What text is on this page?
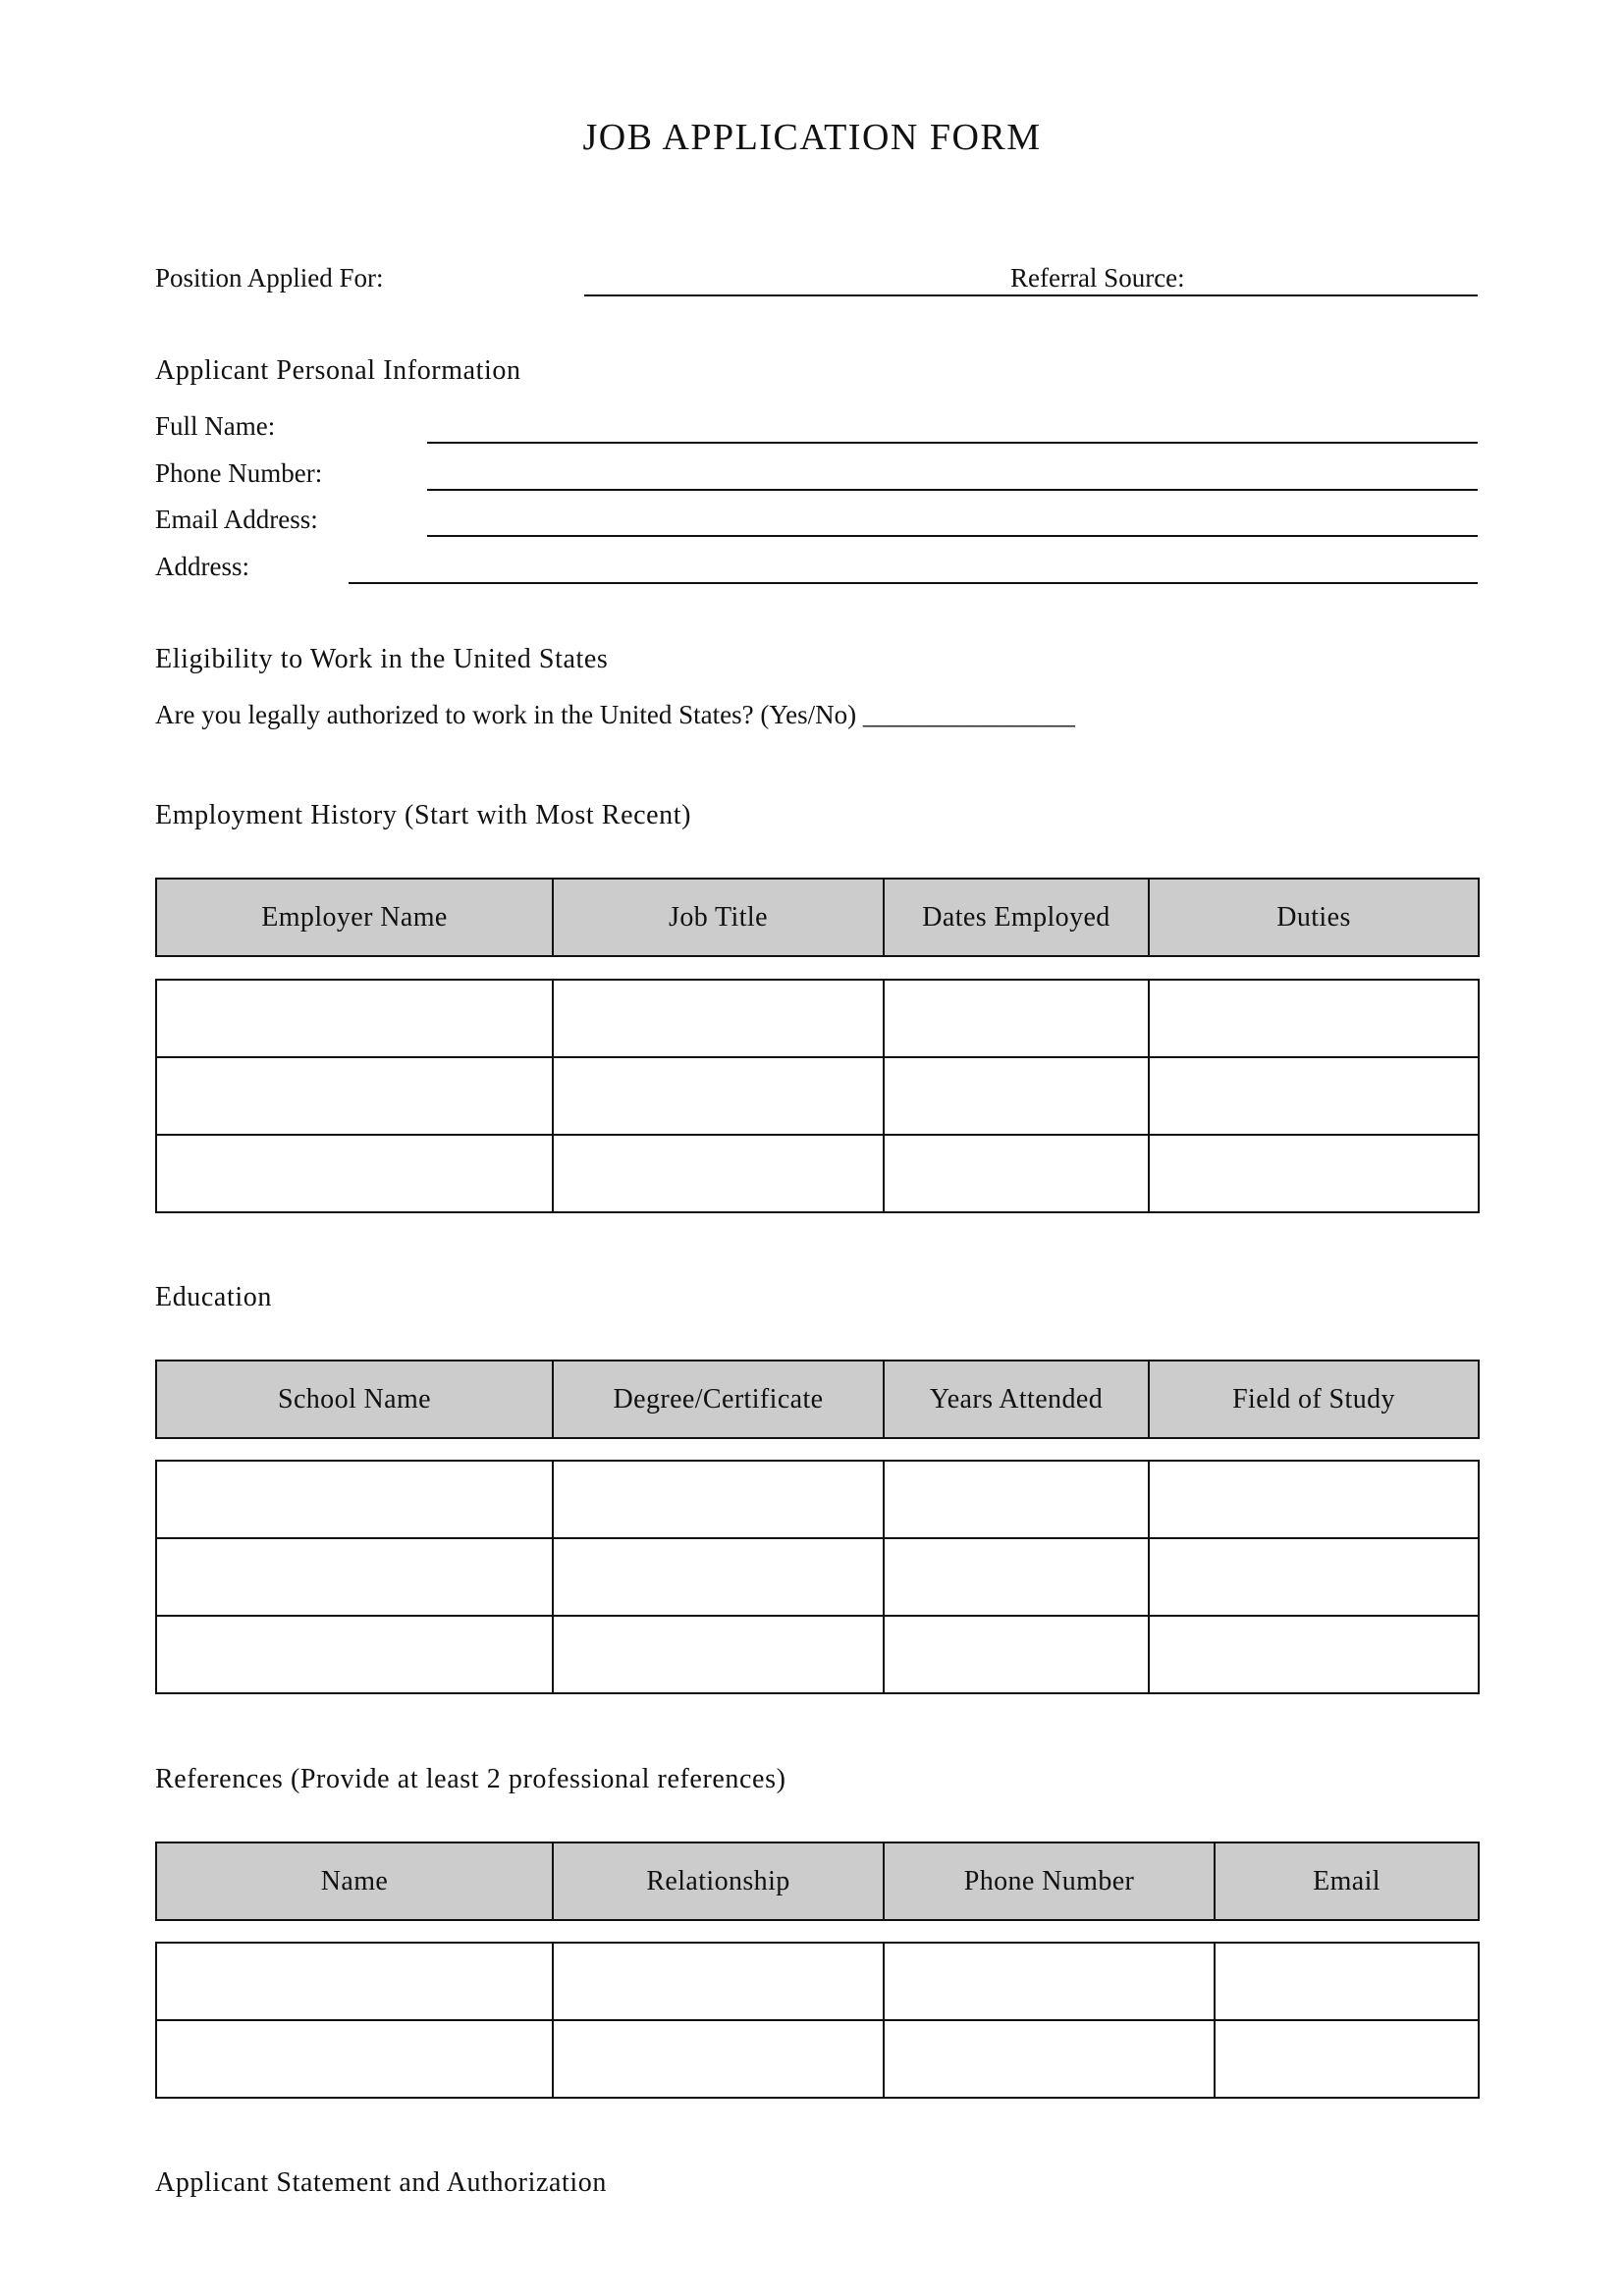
JOB APPLICATION FORM
Position Applied For:	Referral Source:
Applicant Personal Information
Full Name:
Phone Number:
Email Address:
Address:
Eligibility to Work in the United States
Are you legally authorized to work in the United States? (Yes/No) ________________
Employment History (Start with Most Recent)
Employer Name	Job Title	Dates Employed	Duties

Education
School Name	Degree/Certificate	Years Attended	Field of Study

References (Provide at least 2 professional references)
Name	Relationship	Phone Number	Email

Applicant Statement and Authorization
